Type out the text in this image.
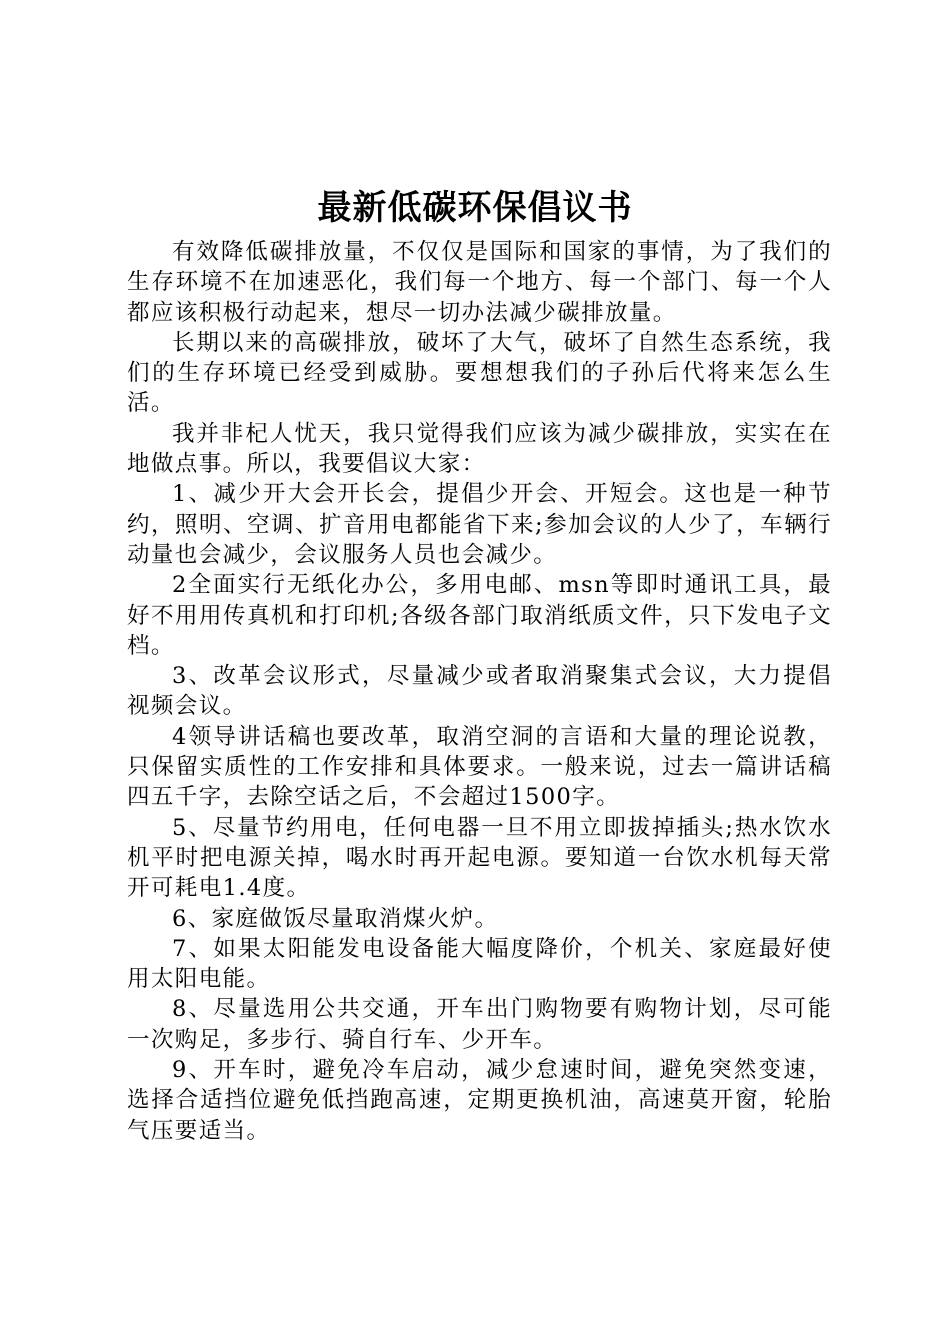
最新低碳环保倡议书

有效降低碳排放量，不仅仅是国际和国家的事情，为了我们的生存环境不在加速恶化，我们每一个地方、每一个部门、每一个人都应该积极行动起来，想尽一切办法减少碳排放量。

长期以来的高碳排放，破坏了大气，破坏了自然生态系统，我们的生存环境已经受到威胁。要想想我们的子孙后代将来怎么生活。

我并非杞人忧天，我只觉得我们应该为减少碳排放，实实在在地做点事。所以，我要倡议大家：

1、减少开大会开长会，提倡少开会、开短会。这也是一种节约，照明、空调、扩音用电都能省下来;参加会议的人少了，车辆行动量也会减少，会议服务人员也会减少。

2全面实行无纸化办公，多用电邮、msn等即时通讯工具，最好不用用传真机和打印机;各级各部门取消纸质文件，只下发电子文档。

3、改革会议形式，尽量减少或者取消聚集式会议，大力提倡视频会议。

4领导讲话稿也要改革，取消空洞的言语和大量的理论说教，只保留实质性的工作安排和具体要求。一般来说，过去一篇讲话稿四五千字，去除空话之后，不会超过1500字。

5、尽量节约用电，任何电器一旦不用立即拔掉插头;热水饮水机平时把电源关掉，喝水时再开起电源。要知道一台饮水机每天常开可耗电1.4度。

6、家庭做饭尽量取消煤火炉。

7、如果太阳能发电设备能大幅度降价，个机关、家庭最好使用太阳电能。

8、尽量选用公共交通，开车出门购物要有购物计划，尽可能一次购足，多步行、骑自行车、少开车。

9、开车时，避免冷车启动，减少怠速时间，避免突然变速，选择合适挡位避免低挡跑高速，定期更换机油，高速莫开窗，轮胎气压要适当。
